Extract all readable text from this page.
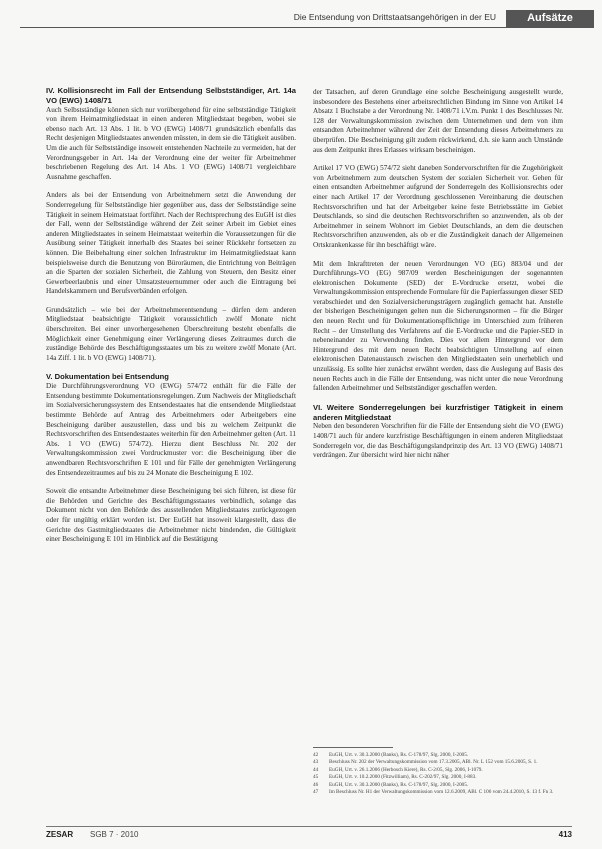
Die Entsendung von Drittstaatsangehörigen in der EU	Aufsätze
IV. Kollisionsrecht im Fall der Entsendung Selbstständiger, Art. 14a VO (EWG) 1408/71

Auch Selbstständige können sich nur vorübergehend für eine selbstständige Tätigkeit von ihrem Heimatmitgliedstaat in einen anderen Mitgliedstaat begeben, wobei sie ebenso nach Art. 13 Abs. 1 lit. b VO (EWG) 1408/71 grundsätzlich ebenfalls das Recht desjenigen Mitgliedstaates anwenden müssten, in dem sie die Tätigkeit ausüben. Um die auch für Selbstständige insoweit entstehenden Nachteile zu vermeiden, hat der Verordnungsgeber in Art. 14a der Verordnung eine der weiter für Arbeitnehmer beschriebenen Regelung des Art. 14 Abs. 1 VO (EWG) 1408/71 vergleichbare Ausnahme geschaffen.

Anders als bei der Entsendung von Arbeitnehmern setzt die Anwendung der Sonderregelung für Selbstständige hier gegenüber aus, dass der Selbstständige seine Tätigkeit in seinem Heimatstaat fortführt. Nach der Rechtsprechung des EuGH ist dies der Fall, wenn der Selbstständige während der Zeit seiner Arbeit im Gebiet eines anderen Mitgliedstaates in seinem Heimatstaat weiterhin die Voraussetzungen für die Ausübung seiner Tätigkeit innerhalb des Staates bei seiner Rückkehr fortsetzen zu können. Die Beibehaltung einer solchen Infrastruktur im Heimatmitgliedstaat kann beispielsweise durch die Benutzung von Büroräumen, die Entrichtung von Beiträgen an die Sparten der sozialen Sicherheit, die Zahlung von Steuern, den Besitz einer Gewerbeerlaubnis und einer Umsatzsteuernummer oder auch die Eintragung bei Handelskammern und Berufsverbänden erfolgen.

Grundsätzlich – wie bei der Arbeitnehmerentsendung – dürfen dem anderen Mitgliedstaat beabsichtigte Tätigkeit voraussichtlich zwölf Monate nicht überschreiten. Bei einer unvorhergesehenen Überschreitung besteht ebenfalls die Möglichkeit einer Genehmigung einer Verlängerung dieses Zeitraumes durch die zuständige Behörde des Beschäftigungsstaates um bis zu weitere zwölf Monate (Art. 14a Ziff. 1 lit. b VO (EWG) 1408/71).

V. Dokumentation bei Entsendung

Die Durchführungsverordnung VO (EWG) 574/72 enthält für die Fälle der Entsendung bestimmte Dokumentationsregelungen. Zum Nachweis der Mitgliedschaft im Sozialversicherungssystem des Entsendestaates hat die entsendende Mitgliedstaat bestimmte Behörde auf Antrag des Arbeitnehmers oder Arbeitgebers eine Bescheinigung darüber auszustellen, dass und bis zu welchem Zeitpunkt die Rechtsvorschriften des Entsendestaates weiterhin für den Arbeitnehmer gelten (Art. 11 Abs. 1 VO (EWG) 574/72). Hierzu dient Beschluss Nr. 202 der Verwaltungskommission zwei Vordruckmuster vor: die Bescheinigung über die anwendbaren Rechtsvorschriften E 101 und für Fälle der genehmigten Verlängerung des Entsendezeitraumes auf bis zu 24 Monate die Bescheinigung E 102.

Soweit die entsandte Arbeitnehmer diese Bescheinigung bei sich führen, ist diese für die Behörden und Gerichte des Beschäftigungsstaates verbindlich, solange das Dokument nicht von den Behörde des ausstellenden Mitgliedstaates zurückgezogen oder für ungültig erklärt worden ist. Der EuGH hat insoweit klargestellt, dass die Gerichte des Gastmitgliedstaates die Arbeitnehmer nicht bindenden, die Gültigkeit einer Bescheinigung E 101 im Hinblick auf die Bestätigung

der Tatsachen, auf deren Grundlage eine solche Bescheinigung ausgestellt wurde, insbesondere des Bestehens einer arbeitsrechtlichen Bindung im Sinne von Artikel 14 Absatz 1 Buchstabe a der Verordnung Nr. 1408/71 i.V.m. Punkt 1 des Beschlusses Nr. 128 der Verwaltungskommission zwischen dem Unternehmen und dem von ihm entsandten Arbeitnehmer während der Zeit der Entsendung dieses Arbeitnehmers zu überprüfen. Die Bescheinigung gilt zudem rückwirkend, d.h. sie kann auch Umstände aus dem Zeitpunkt ihres Erlasses wirksam bescheinigen.

Artikel 17 VO (EWG) 574/72 sieht daneben Sondervorschriften für die Zugehörigkeit von Arbeitnehmern zum deutschen System der sozialen Sicherheit vor. Gehen für einen entsandten Arbeitnehmer aufgrund der Sonderregeln des Kollisionsrechts oder einer nach Artikel 17 der Verordnung geschlossenen Vereinbarung die deutschen Rechtsvorschriften und hat der Arbeitgeber keine feste Betriebsstätte im Gebiet Deutschlands, so sind die deutschen Rechtsvorschriften so anzuwenden, als ob der Arbeitnehmer in seinem Wohnort im Gebiet Deutschlands, an dem die deutschen Rechtsvorschriften anzuwenden, als ob er die Zuständigkeit danach der Allgemeinen Ortskrankenkasse für ihn beschäftigt wäre.

Mit dem Inkrafttreten der neuen Verordnungen VO (EG) 883/04 und der Durchführungs-VO (EG) 987/09 werden Bescheinigungen der sogenannten elektronischen Dokumente (SED) der E-Vordrucke ersetzt, wobei die Verwaltungskommission entsprechende Formulare für die Papierfassungen dieser SED verabschiedet und den Sozialversicherungsträgern zugänglich gemacht hat. Anstelle der bisherigen Bescheinigungen gelten nun die Sicherungsnormen – für die Bürger den neuen Recht und für Dokumentationspflichtige im Unterschied zum früheren Recht – der Umstellung des Verfahrens auf die E-Vordrucke und die Papier-SED in nebeneinander zu Verwendung finden. Dies vor allem Hintergrund vor dem Hintergrund des mit dem neuen Recht beabsichtigten Umstellung auf einen elektronischen Datenaustausch zwischen den Mitgliedstaaten sein unerheblich und unzulässig. Es sollte hier zunächst erwähnt werden, dass die Auslegung auf Basis des neuen Rechts auch in die Fälle der Entsendung, was nicht unter die neue Verordnung fallenden Arbeitnehmer und Selbstständiger geschaffen werden.

VI. Weitere Sonderregelungen bei kurzfristiger Tätigkeit in einem anderen Mitgliedstaat

Neben den besonderen Vorschriften für die Fälle der Entsendung sieht die VO (EWG) 1408/71 auch für andere kurzfristige Beschäftigungen in einem anderen Mitgliedstaat Sonderregeln vor, die das Beschäftigungslandprinzip des Art. 13 VO (EWG) 1408/71 verdrängen. Zur übersicht wird hier nicht näher

42	EuGH, Urt. v. 30.3.2000 (Banks), Rs. C-178/97, Slg. 2000, I-2005.
43	Beschluss Nr. 202 der Verwaltungskommission vom 17.3.2005, ABl. Nr. L 152 vom 15.6.2005, S. 1.
44	EuGH, Urt. v. 26.1.2006 (Herbosch Kiere), Rs. C-2/05, Slg. 2006, I-1079.
45	EuGH, Urt. v. 10.2.2000 (Fitzwilliam), Rs. C-202/97, Slg. 2000, I-883.
46	EuGH, Urt. v. 30.3.2000 (Banks), Rs. C-178/97, Slg. 2000, I-2005.
47	Im Beschluss Nr. H1 der Verwaltungskommission vom 12.6.2009, ABl. C 106 vom 24.4.2010, S. 13 f. Fn 3.
ZESAR SGB 7 · 2010	413
